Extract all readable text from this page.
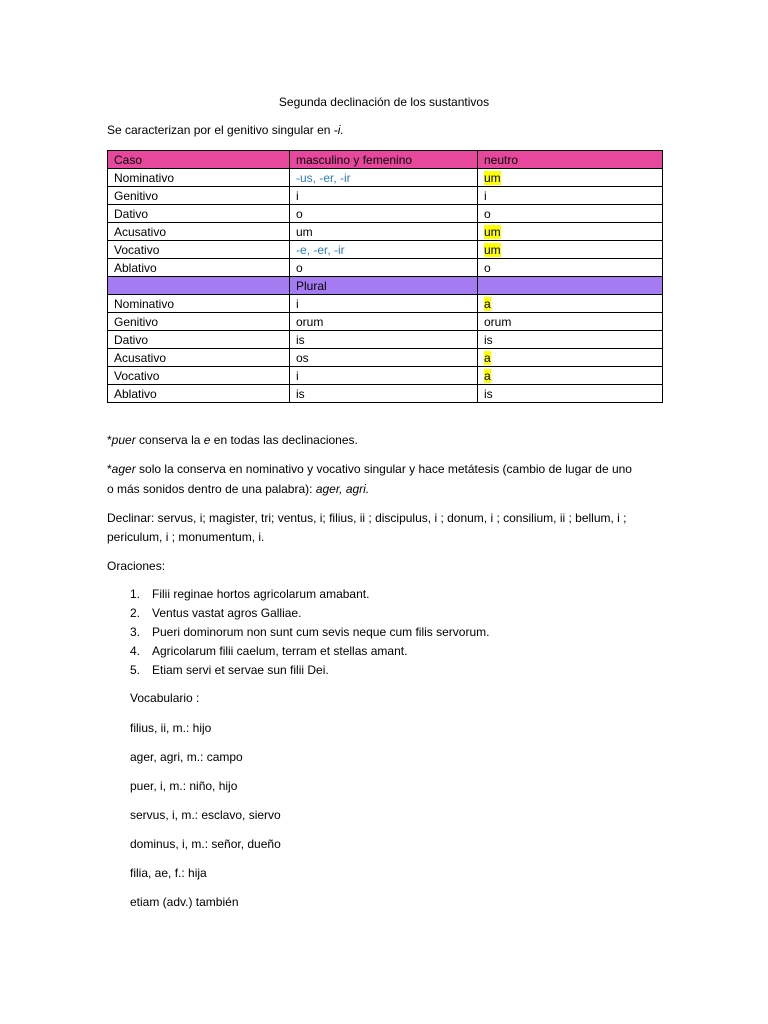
Segunda declinación de los sustantivos
Se caracterizan por el genitivo singular en -i.
Caso	masculino y femenino	neutro
Nominativo	-us, -er, -ir	um
Genitivo	i	i
Dativo	o	o
Acusativo	um	um
Vocativo	-e, -er, -ir	um
Ablativo	o	o
	Plural	
Nominativo	i	a
Genitivo	orum	orum
Dativo	is	is
Acusativo	os	a
Vocativo	i	a
Ablativo	is	is
*puer conserva la e en todas las declinaciones.
*ager solo la conserva en nominativo y vocativo singular y hace metátesis (cambio de lugar de uno
o más sonidos dentro de una palabra): ager, agri.
Declinar: servus, i; magister, tri; ventus, i; filius, ii ; discipulus, i ; donum, i ; consilium, ii ; bellum, i ;
periculum, i ; monumentum, i.
Oraciones:
1. Filii reginae hortos agricolarum amabant.
2. Ventus vastat agros Galliae.
3. Pueri dominorum non sunt cum sevis neque cum filis servorum.
4. Agricolarum filii caelum, terram et stellas amant.
5. Etiam servi et servae sun filii Dei.
Vocabulario :
filius, ii, m.: hijo
ager, agri, m.: campo
puer, i, m.: niño, hijo
servus, i, m.: esclavo, siervo
dominus, i, m.: señor, dueño
filia, ae, f.: hija
etiam (adv.) también
